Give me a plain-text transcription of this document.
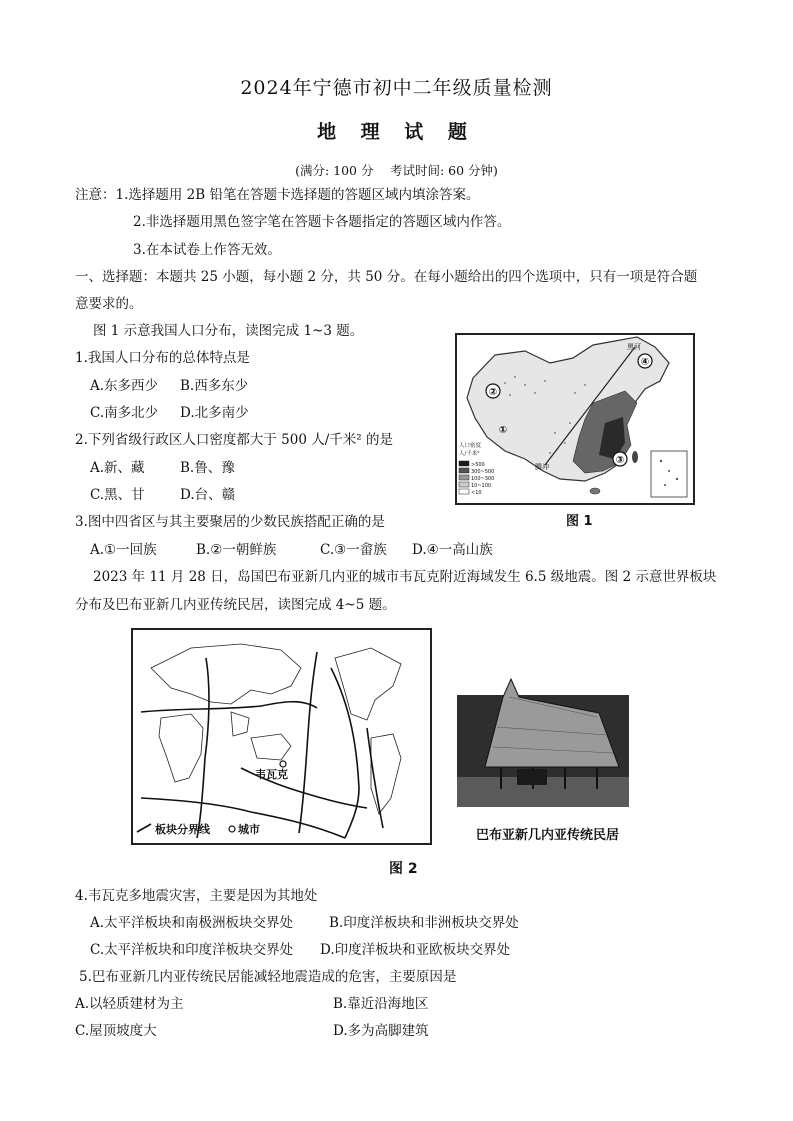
2024年宁德市初中二年级质量检测
地 理 试 题
(满分: 100 分　 考试时间: 60 分钟)
注意：1.选择题用 2B 铅笔在答题卡选择题的答题区域内填涂答案。
2.非选择题用黑色签字笔在答题卡各题指定的答题区域内作答。
3.在本试卷上作答无效。
一、选择题：本题共 25 小题，每小题 2 分，共 50 分。在每小题给出的四个选项中，只有一项是符合题
意要求的。
图 1 示意我国人口分布，读图完成 1~3 题。
1.我国人口分布的总体特点是
A.东多西少 B.西多东少
C.南多北少 D.北多南少
2.下列省级行政区人口密度都大于 500 人/千米² 的是
A.新、藏	B.鲁、豫
C.黑、甘	D.台、赣
3.图中四省区与其主要聚居的少数民族搭配正确的是
A.①一回族	B.②一朝鲜族	C.③一畲族 D.④一高山族
④
②
①
③
黑河
腾冲
人口密度
人/千米²
>500
300~500
100~300
10~100
<10
图 1
2023 年 11 月 28 日，岛国巴布亚新几内亚的城市韦瓦克附近海域发生 6.5 级地震。图 2 示意世界板块
分布及巴布亚新几内亚传统民居，读图完成 4~5 题。
韦瓦克
板块分界线	城市	巴布亚新几内亚传统民居
图 2
4.韦瓦克多地震灾害，主要是因为其地处
A.太平洋板块和南极洲板块交界处	B.印度洋板块和非洲板块交界处
C.太平洋板块和印度洋板块交界处 D.印度洋板块和亚欧板块交界处
5.巴布亚新几内亚传统民居能减轻地震造成的危害，主要原因是
A.以轻质建材为主	B.靠近沿海地区
C.屋顶坡度大	D.多为高脚建筑
